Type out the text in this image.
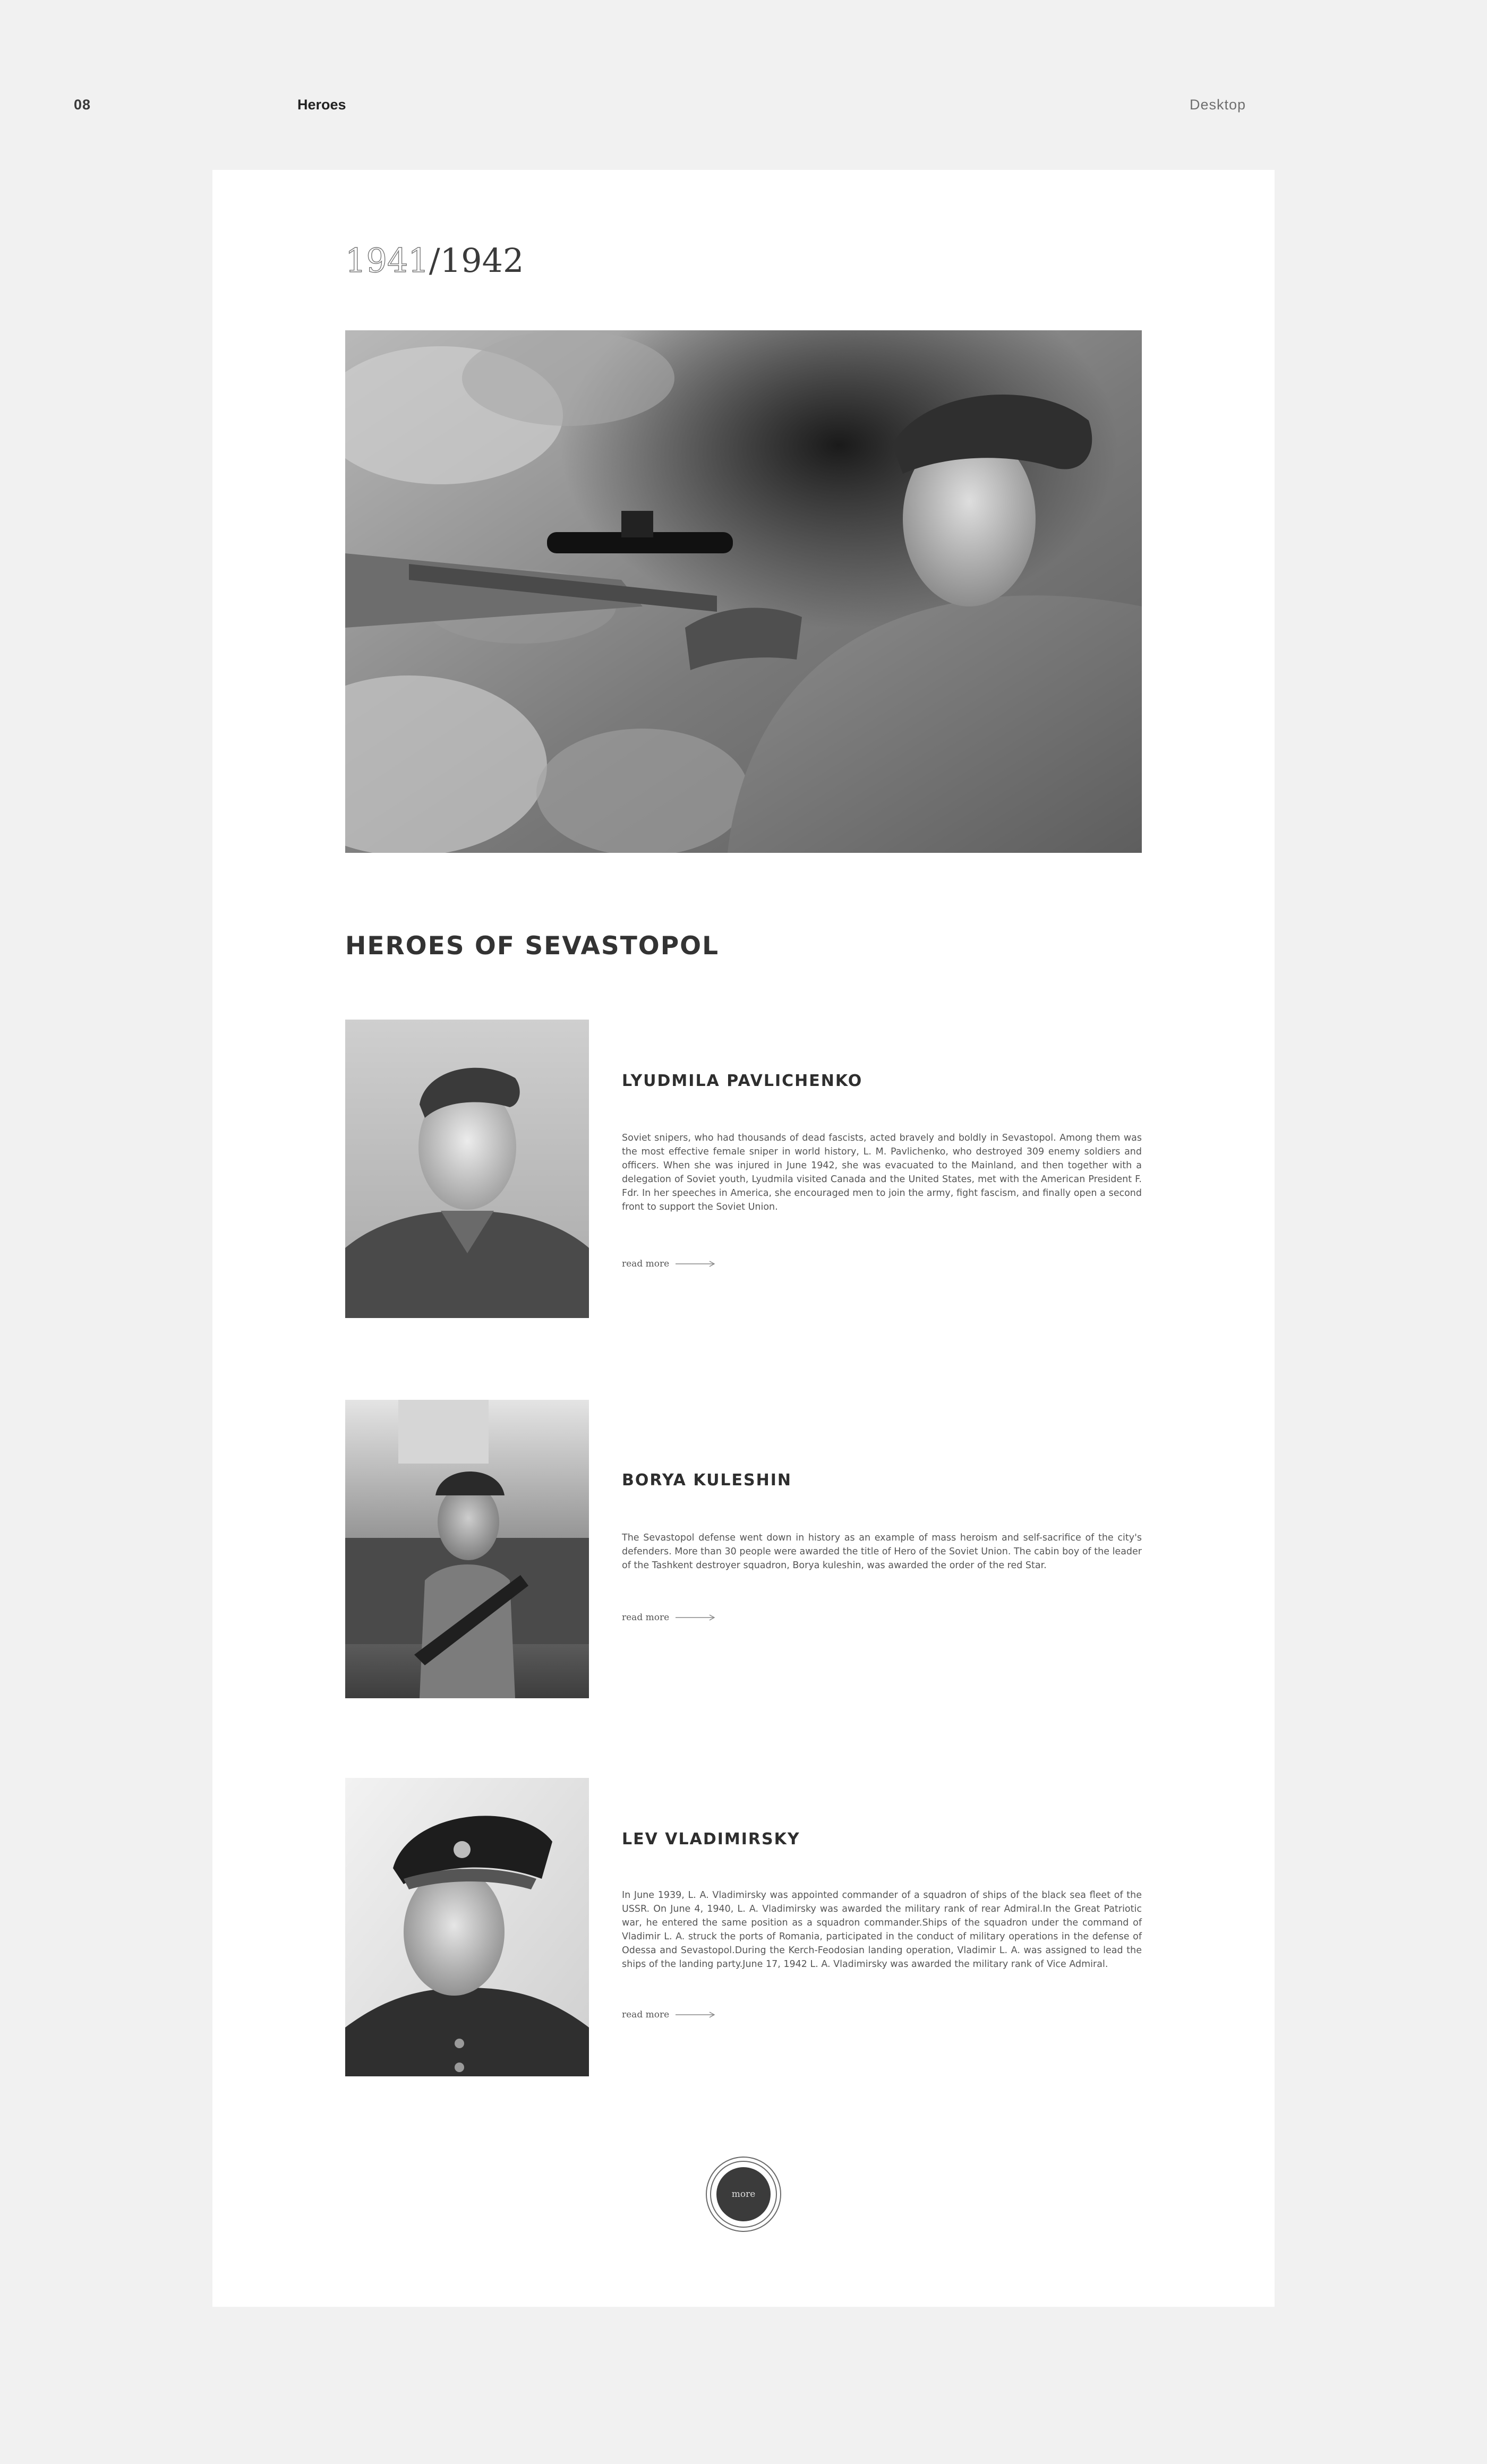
08	Heroes	Desktop
1941/1942
HEROES OF SEVASTOPOL
LYUDMILA PAVLICHENKO

Soviet snipers, who had thousands of dead fascists, acted bravely and boldly in Sevastopol. Among them was the most effective female sniper in world history, L. M. Pavlichenko, who destroyed 309 enemy soldiers and officers. When she was injured in June 1942, she was evacuated to the Mainland, and then together with a delegation of Soviet youth, Lyudmila visited Canada and the United States, met with the American President F. Fdr. In her speeches in America, she encouraged men to join the army, fight fascism, and finally open a second front to support the Soviet Union.

read more
BORYA KULESHIN

The Sevastopol defense went down in history as an example of mass heroism and self-sacrifice of the city's defenders. More than 30 people were awarded the title of Hero of the Soviet Union. The cabin boy of the leader of the Tashkent destroyer squadron, Borya kuleshin, was awarded the order of the red Star.

read more
LEV VLADIMIRSKY

In June 1939, L. A. Vladimirsky was appointed commander of a squadron of ships of the black sea fleet of the USSR. On June 4, 1940, L. A. Vladimirsky was awarded the military rank of rear Admiral.In the Great Patriotic war, he entered the same position as a squadron commander.Ships of the squadron under the command of Vladimir L. A. struck the ports of Romania, participated in the conduct of military operations in the defense of Odessa and Sevastopol.During the Kerch-Feodosian landing operation, Vladimir L. A. was assigned to lead the ships of the landing party.June 17, 1942 L. A. Vladimirsky was awarded the military rank of Vice Admiral.

read more
more
